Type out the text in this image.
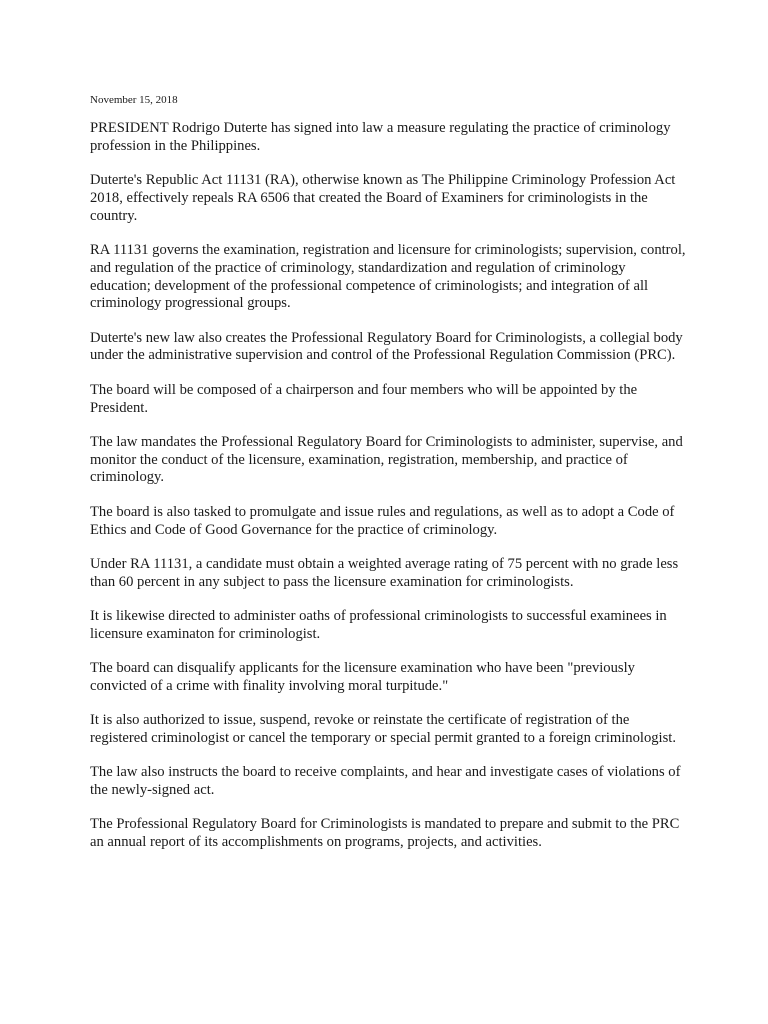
November 15, 2018

PRESIDENT Rodrigo Duterte has signed into law a measure regulating the practice of criminology profession in the Philippines.

Duterte's Republic Act 11131 (RA), otherwise known as The Philippine Criminology Profession Act 2018, effectively repeals RA 6506 that created the Board of Examiners for criminologists in the country.

RA 11131 governs the examination, registration and licensure for criminologists; supervision, control, and regulation of the practice of criminology, standardization and regulation of criminology education; development of the professional competence of criminologists; and integration of all criminology progressional groups.

Duterte's new law also creates the Professional Regulatory Board for Criminologists, a collegial body under the administrative supervision and control of the Professional Regulation Commission (PRC).

The board will be composed of a chairperson and four members who will be appointed by the President.

The law mandates the Professional Regulatory Board for Criminologists to administer, supervise, and monitor the conduct of the licensure, examination, registration, membership, and practice of criminology.

The board is also tasked to promulgate and issue rules and regulations, as well as to adopt a Code of Ethics and Code of Good Governance for the practice of criminology.

Under RA 11131, a candidate must obtain a weighted average rating of 75 percent with no grade less than 60 percent in any subject to pass the licensure examination for criminologists.

It is likewise directed to administer oaths of professional criminologists to successful examinees in licensure examinaton for criminologist.

The board can disqualify applicants for the licensure examination who have been "previously convicted of a crime with finality involving moral turpitude."

It is also authorized to issue, suspend, revoke or reinstate the certificate of registration of the registered criminologist or cancel the temporary or special permit granted to a foreign criminologist.

The law also instructs the board to receive complaints, and hear and investigate cases of violations of the newly-signed act.

The Professional Regulatory Board for Criminologists is mandated to prepare and submit to the PRC an annual report of its accomplishments on programs, projects, and activities.
